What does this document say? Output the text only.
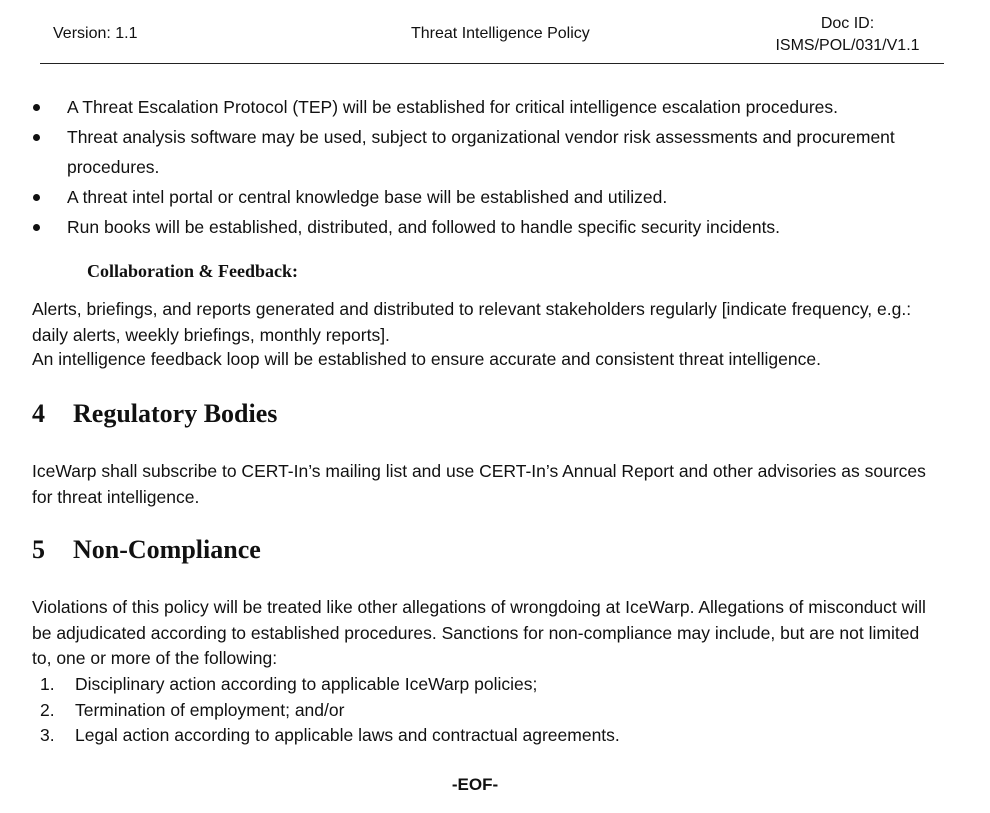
Version: 1.1	Threat Intelligence Policy
Doc ID:
ISMS/POL/031/V1.1
A Threat Escalation Protocol (TEP) will be established for critical intelligence escalation procedures.
Threat analysis software may be used, subject to organizational vendor risk assessments and procurement procedures.
A threat intel portal or central knowledge base will be established and utilized.
Run books will be established, distributed, and followed to handle specific security incidents.
Collaboration & Feedback:

Alerts, briefings, and reports generated and distributed to relevant stakeholders regularly [indicate frequency, e.g.: daily alerts, weekly briefings, monthly reports].

An intelligence feedback loop will be established to ensure accurate and consistent threat intelligence.

4 Regulatory Bodies

IceWarp shall subscribe to CERT-In’s mailing list and use CERT-In’s Annual Report and other advisories as sources for threat intelligence.

5 Non-Compliance

Violations of this policy will be treated like other allegations of wrongdoing at IceWarp. Allegations of misconduct will be adjudicated according to established procedures. Sanctions for non-compliance may include, but are not limited to, one or more of the following:

1. Disciplinary action according to applicable IceWarp policies;
2. Termination of employment; and/or
3. Legal action according to applicable laws and contractual agreements.
-EOF-
